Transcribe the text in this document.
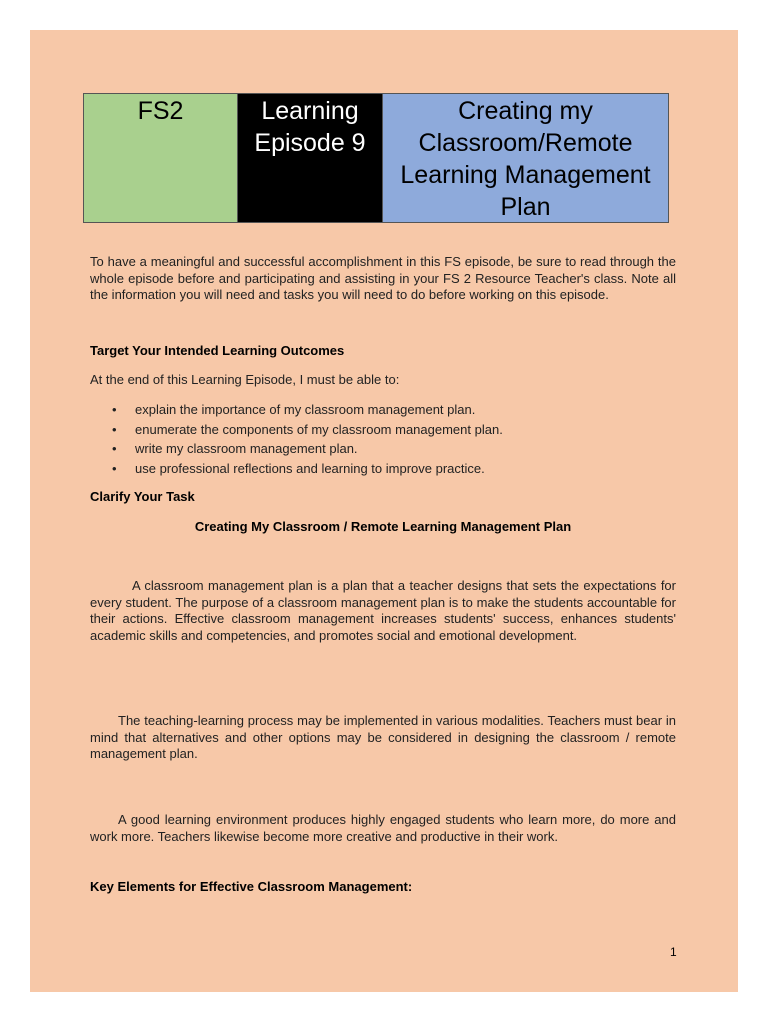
FS2	Learning Episode 9
Creating my Classroom/Remote Learning Management Plan
To have a meaningful and successful accomplishment in this FS episode, be sure to read through the whole episode before and participating and assisting in your FS 2 Resource Teacher's class. Note all the information you will need and tasks you will need to do before working on this episode.
Target Your Intended Learning Outcomes
At the end of this Learning Episode, I must be able to:
• explain the importance of my classroom management plan.
• enumerate the components of my classroom management plan.
• write my classroom management plan.
• use professional reflections and learning to improve practice.
Clarify Your Task
Creating My Classroom / Remote Learning Management Plan
A classroom management plan is a plan that a teacher designs that sets the expectations for every student. The purpose of a classroom management plan is to make the students accountable for their actions. Effective classroom management increases students' success, enhances students' academic skills and competencies, and promotes social and emotional development.
The teaching-learning process may be implemented in various modalities. Teachers must bear in mind that alternatives and other options may be considered in designing the classroom / remote management plan.
A good learning environment produces highly engaged students who learn more, do more and work more. Teachers likewise become more creative and productive in their work.
Key Elements for Effective Classroom Management:
1
